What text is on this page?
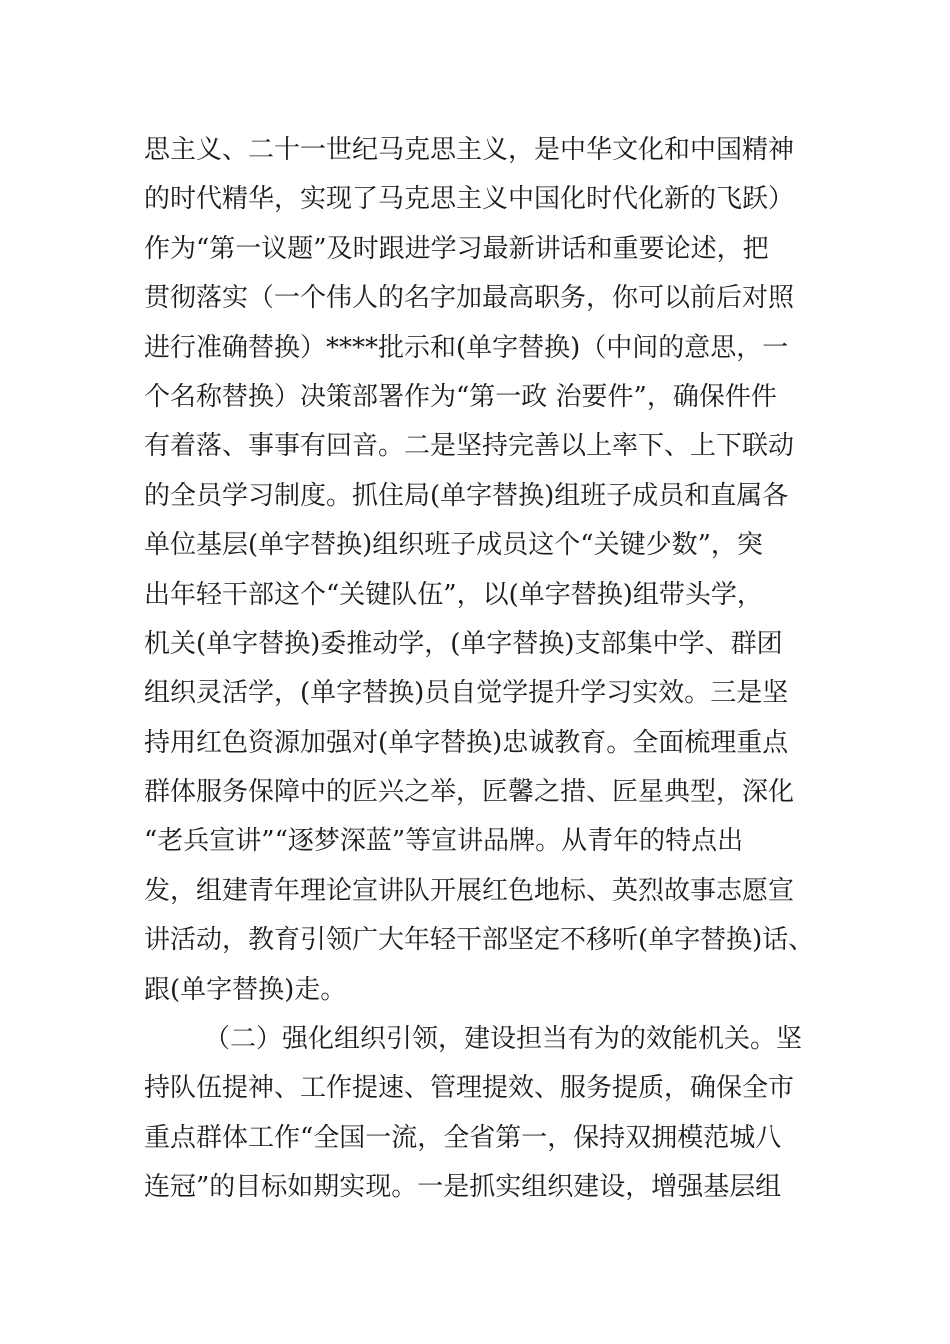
思主义、二十一世纪马克思主义，是中华文化和中国精神
的时代精华，实现了马克思主义中国化时代化新的飞跃）
作为“第一议题”及时跟进学习最新讲话和重要论述，把
贯彻落实（一个伟人的名字加最高职务，你可以前后对照
进行准确替换）****批示和(单字替换)（中间的意思，一
个名称替换）决策部署作为“第一政 治要件”，确保件件
有着落、事事有回音。二是坚持完善以上率下、上下联动
的全员学习制度。抓住局(单字替换)组班子成员和直属各
单位基层(单字替换)组织班子成员这个“关键少数”，突
出年轻干部这个“关键队伍”，以(单字替换)组带头学，
机关(单字替换)委推动学，(单字替换)支部集中学、群团
组织灵活学，(单字替换)员自觉学提升学习实效。三是坚
持用红色资源加强对(单字替换)忠诚教育。全面梳理重点
群体服务保障中的匠兴之举，匠馨之措、匠星典型，深化
“老兵宣讲”“逐梦深蓝”等宣讲品牌。从青年的特点出
发，组建青年理论宣讲队开展红色地标、英烈故事志愿宣
讲活动，教育引领广大年轻干部坚定不移听(单字替换)话、
跟(单字替换)走。
（二）强化组织引领，建设担当有为的效能机关。坚
持队伍提神、工作提速、管理提效、服务提质，确保全市
重点群体工作“全国一流，全省第一，保持双拥模范城八
连冠”的目标如期实现。一是抓实组织建设，增强基层组
